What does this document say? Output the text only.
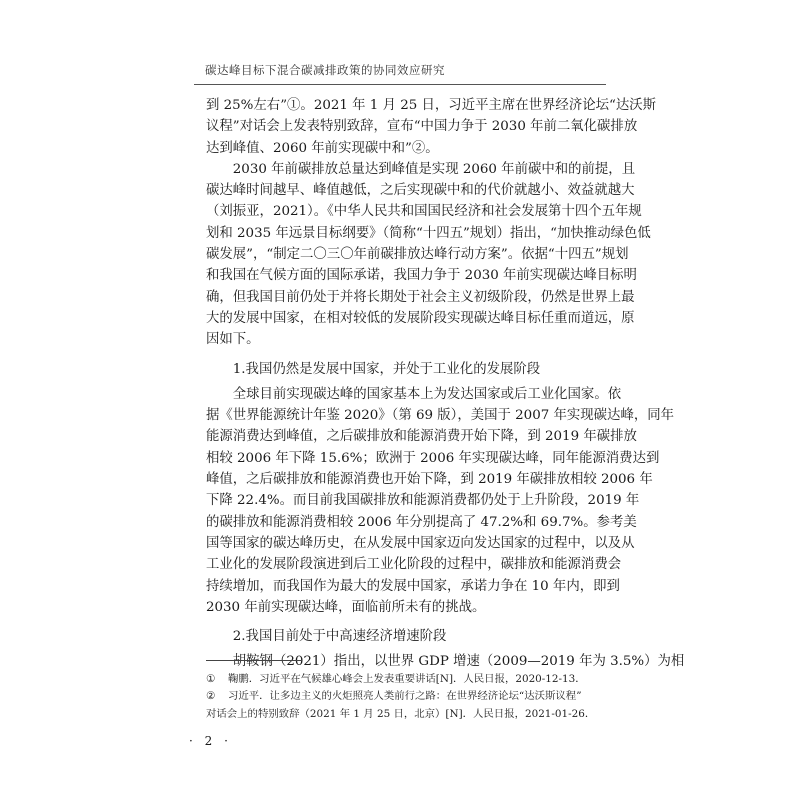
碳达峰目标下混合碳减排政策的协同效应研究

到 25%左右”①。2021 年 1 月 25 日，习近平主席在世界经济论坛“达沃斯
议程”对话会上发表特别致辞，宣布“中国力争于 2030 年前二氧化碳排放
达到峰值、2060 年前实现碳中和”②。

　　2030 年前碳排放总量达到峰值是实现 2060 年前碳中和的前提，且
碳达峰时间越早、峰值越低，之后实现碳中和的代价就越小、效益就越大
（刘振亚，2021）。《中华人民共和国国民经济和社会发展第十四个五年规
划和 2035 年远景目标纲要》（简称“十四五”规划）指出，“加快推动绿色低
碳发展”，“制定二〇三〇年前碳排放达峰行动方案”。依据“十四五”规划
和我国在气候方面的国际承诺，我国力争于 2030 年前实现碳达峰目标明
确，但我国目前仍处于并将长期处于社会主义初级阶段，仍然是世界上最
大的发展中国家，在相对较低的发展阶段实现碳达峰目标任重而道远，原
因如下。

　　1.我国仍然是发展中国家，并处于工业化的发展阶段

　　全球目前实现碳达峰的国家基本上为发达国家或后工业化国家。依
据《世界能源统计年鉴 2020》（第 69 版），美国于 2007 年实现碳达峰，同年
能源消费达到峰值，之后碳排放和能源消费开始下降，到 2019 年碳排放
相较 2006 年下降 15.6%；欧洲于 2006 年实现碳达峰，同年能源消费达到
峰值，之后碳排放和能源消费也开始下降，到 2019 年碳排放相较 2006 年
下降 22.4%。而目前我国碳排放和能源消费都仍处于上升阶段，2019 年
的碳排放和能源消费相较 2006 年分别提高了 47.2%和 69.7%。参考美
国等国家的碳达峰历史，在从发展中国家迈向发达国家的过程中，以及从
工业化的发展阶段演进到后工业化阶段的过程中，碳排放和能源消费会
持续增加，而我国作为最大的发展中国家，承诺力争在 10 年内，即到
2030 年前实现碳达峰，面临前所未有的挑战。

　　2.我国目前处于中高速经济增速阶段

　　胡鞍钢（2021）指出，以世界 GDP 增速（2009—2019 年为 3.5%）为相

① 鞠鹏．习近平在气候雄心峰会上发表重要讲话[N]．人民日报，2020-12-13．
② 习近平．让多边主义的火炬照亮人类前行之路：在世界经济论坛“达沃斯议程”
对话会上的特别致辞（2021 年 1 月 25 日，北京）[N]．人民日报，2021-01-26．
· 2 ·
